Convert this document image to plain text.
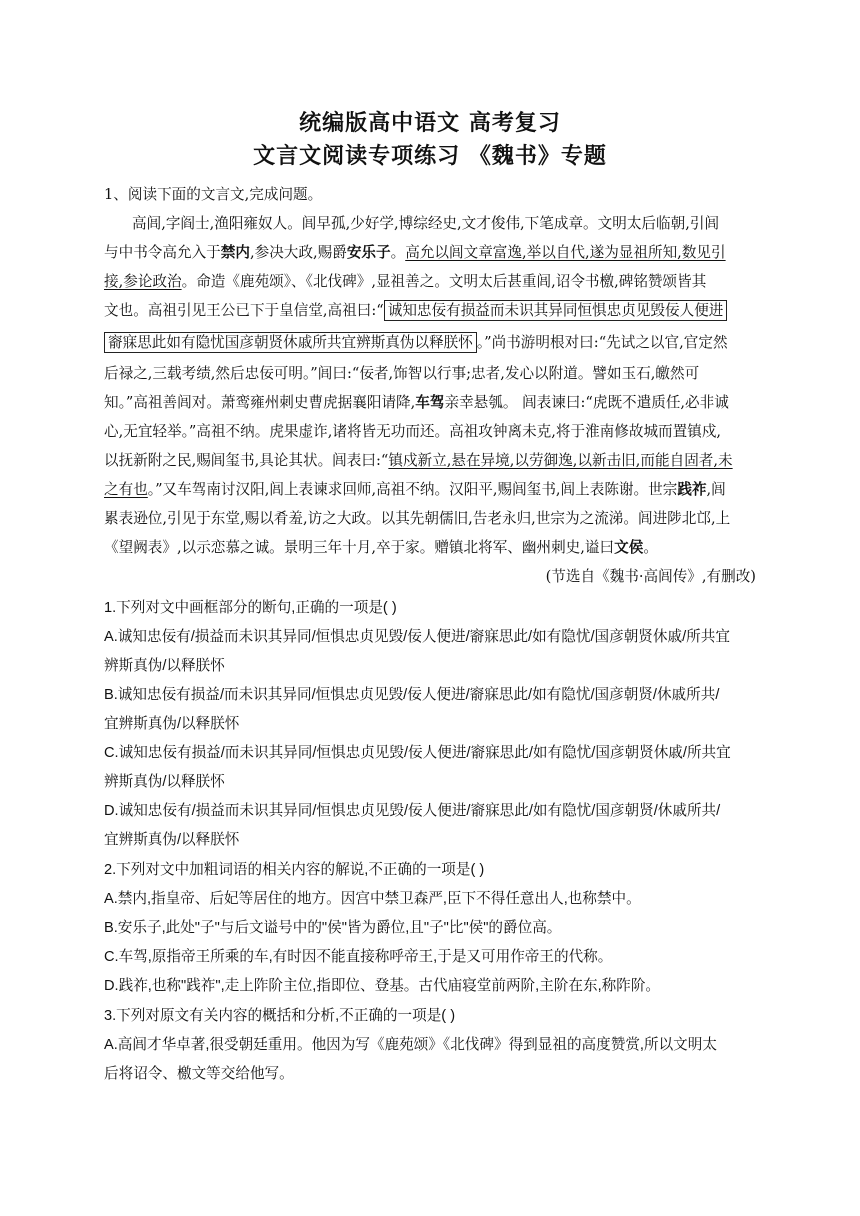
统编版高中语文 高考复习
文言文阅读专项练习 《魏书》专题
1、阅读下面的文言文,完成问题。
高闾,字阎士,渔阳雍奴人。闾早孤,少好学,博综经史,文才俊伟,下笔成章。文明太后临朝,引闾
与中书令高允入于禁内,参决大政,赐爵安乐子。高允以闾文章富逸,举以自代,遂为显祖所知,数见引
接,参论政治。命造《鹿苑颂》、《北伐碑》,显祖善之。文明太后甚重闾,诏令书檄,碑铭赞颂皆其
文也。高祖引见王公已下于皇信堂,高祖曰:“ 诚知忠佞有损益而未识其异同恒惧忠贞见毁佞人便进
窬寐思此如有隐忧国彦朝贤休戚所共宜辨斯真伪以释朕怀 。”尚书游明根对曰:“先试之以官,官定然
后禄之,三载考绩,然后忠佞可明。”闾曰:“佞者,饰智以行事;忠者,发心以附道。譬如玉石,皦然可
知。”高祖善闾对。萧鸾雍州刺史曹虎据襄阳请降,车驾亲幸悬瓠。 闾表谏曰:“虎既不遣质任,必非诚
心,无宜轻举。”高祖不纳。虎果虚诈,诸将皆无功而还。高祖攻钟离未克,将于淮南修故城而置镇戍,
以抚新附之民,赐闾玺书,具论其状。闾表曰:“镇戍新立,悬在异境,以劳御逸,以新击旧,而能自固者,未
之有也。”又车驾南讨汉阳,闾上表谏求回师,高祖不纳。汉阳平,赐闾玺书,闾上表陈谢。世宗践祚,闾
累表逊位,引见于东堂,赐以肴羞,访之大政。以其先朝儒旧,告老永归,世宗为之流涕。闾进陟北邙,上
《望阙表》,以示恋慕之诚。景明三年十月,卒于家。赠镇北将军、幽州刺史,谥曰文侯。
(节选自《魏书·高闾传》,有删改)
1.下列对文中画框部分的断句,正确的一项是( )
A.诚知忠佞有/损益而未识其异同/恒惧忠贞见毁/佞人便进/窬寐思此/如有隐忧/国彦朝贤休戚/所共宜
辨斯真伪/以释朕怀
B.诚知忠佞有损益/而未识其异同/恒惧忠贞见毁/佞人便进/窬寐思此/如有隐忧/国彦朝贤/休戚所共/
宜辨斯真伪/以释朕怀
C.诚知忠佞有损益/而未识其异同/恒惧忠贞见毁/佞人便进/窬寐思此/如有隐忧/国彦朝贤休戚/所共宜
辨斯真伪/以释朕怀
D.诚知忠佞有/损益而未识其异同/恒惧忠贞见毁/佞人便进/窬寐思此/如有隐忧/国彦朝贤/休戚所共/
宜辨斯真伪/以释朕怀
2.下列对文中加粗词语的相关内容的解说,不正确的一项是( )
A.禁内,指皇帝、后妃等居住的地方。因宫中禁卫森严,臣下不得任意出人,也称禁中。
B.安乐子,此处"子"与后文谥号中的"侯"皆为爵位,且"子"比"侯"的爵位高。
C.车驾,原指帝王所乘的车,有时因不能直接称呼帝王,于是又可用作帝王的代称。
D.践祚,也称"践祚",走上阼阶主位,指即位、登基。古代庙寝堂前两阶,主阶在东,称阼阶。
3.下列对原文有关内容的概括和分析,不正确的一项是( )
A.高闾才华卓著,很受朝廷重用。他因为写《鹿苑颂》《北伐碑》得到显祖的高度赞赏,所以文明太
后将诏令、檄文等交给他写。
